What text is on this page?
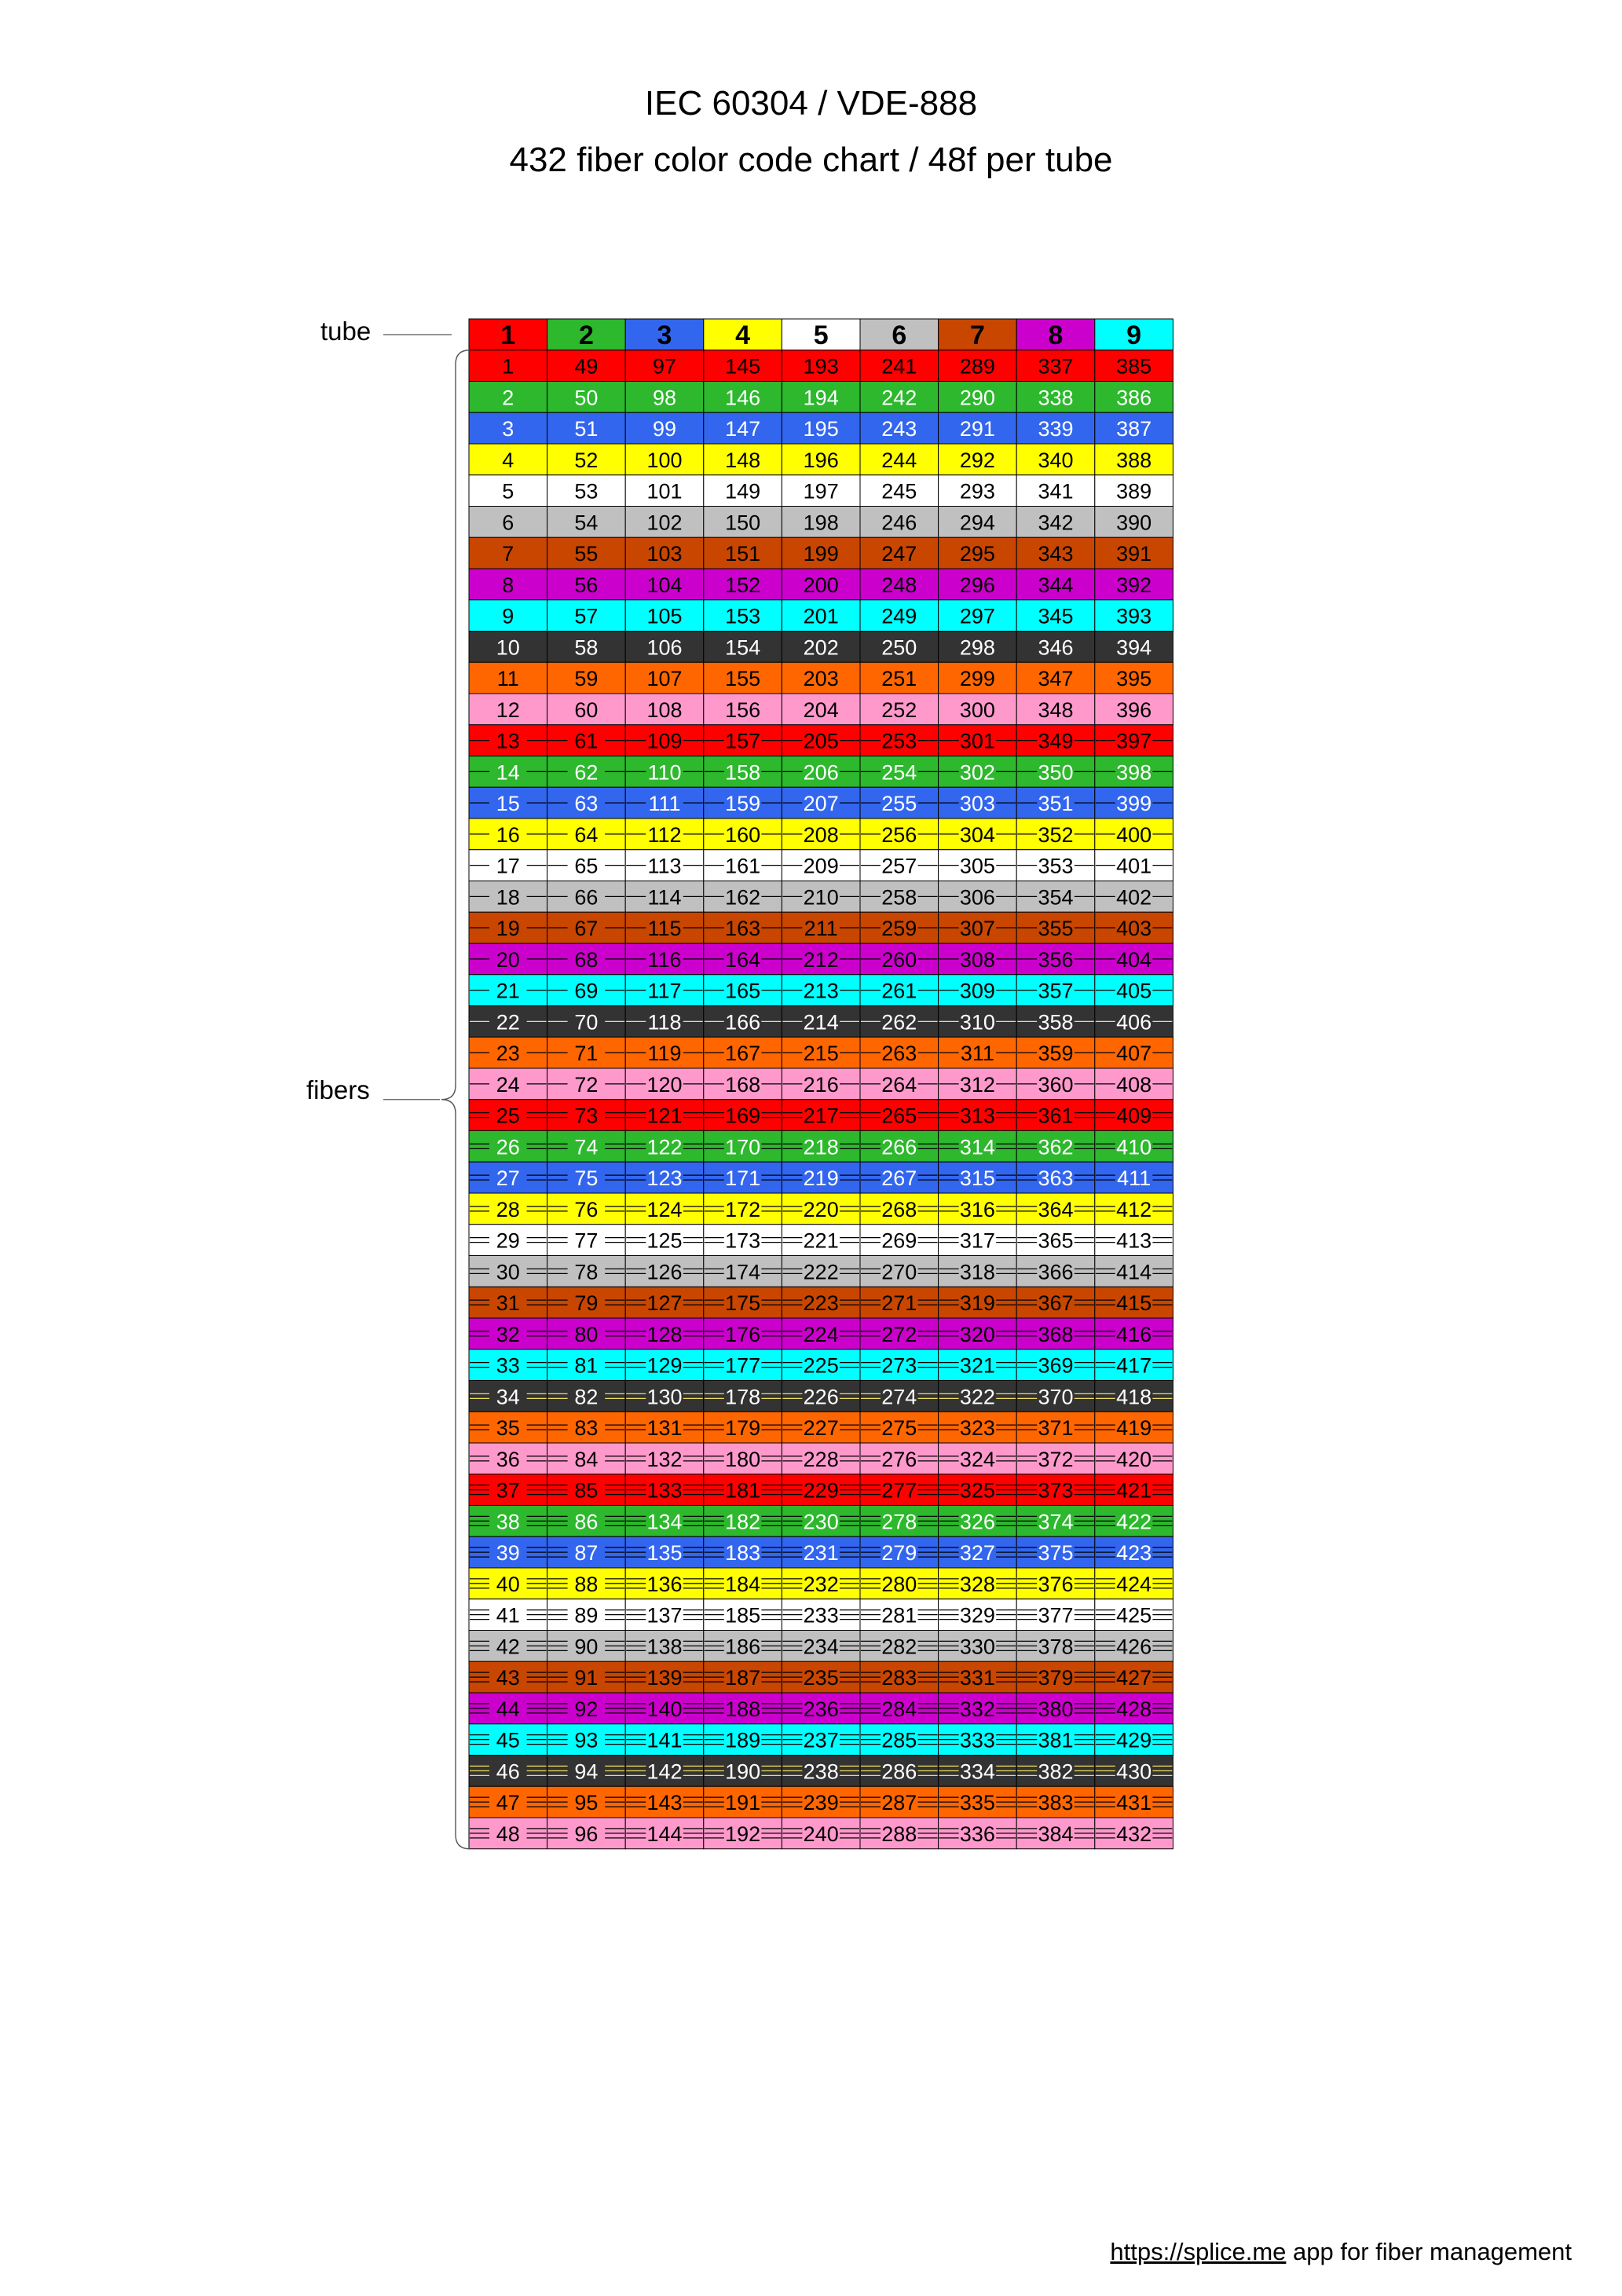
IEC 60304 / VDE-888
432 fiber color code chart / 48f per tube
tube
fibers
1 2 3 4 5 6 7 8 9
1	49	97 145 193 241 289 337 385
2	50	98 146 194 242 290 338 386
3	51	99 147 195 243 291 339 387
4	52 100 148 196 244 292 340 388
5	53 101 149 197 245 293 341 389
6	54 102 150 198 246 294 342 390
7	55 103 151 199 247 295 343 391
8	56 104 152 200 248 296 344 392
9	57 105 153 201 249 297 345 393
10	58 106 154 202 250 298 346 394
11	59 107 155 203 251 299 347 395
12	60 108 156 204 252 300 348 396
13	61 109 157 205 253 301 349 397
14	62 110 158 206 254 302 350 398
15	63 111 159 207 255 303 351 399
16	64 112 160 208 256 304 352 400
17	65 113 161 209 257 305 353 401
18	66 114 162 210 258 306 354 402
19	67 115 163 211 259 307 355 403
20	68 116 164 212 260 308 356 404
21	69 117 165 213 261 309 357 405
22	70 118 166 214 262 310 358 406
23	71 119 167 215 263 311 359 407
24	72 120 168 216 264 312 360 408
25	73 121 169 217 265 313 361 409
26	74 122 170 218 266 314 362 410
27	75 123 171 219 267 315 363 411
28	76 124 172 220 268 316 364 412
29	77 125 173 221 269 317 365 413
30	78 126 174 222 270 318 366 414
31	79 127 175 223 271 319 367 415
32	80 128 176 224 272 320 368 416
33	81 129 177 225 273 321 369 417
34	82 130 178 226 274 322 370 418
35	83 131 179 227 275 323 371 419
36	84 132 180 228 276 324 372 420
37	85 133 181 229 277 325 373 421
38	86 134 182 230 278 326 374 422
39	87 135 183 231 279 327 375 423
40	88 136 184 232 280 328 376 424
41	89 137 185 233 281 329 377 425
42	90 138 186 234 282 330 378 426
43	91 139 187 235 283 331 379 427
44	92 140 188 236 284 332 380 428
45	93 141 189 237 285 333 381 429
46	94 142 190 238 286 334 382 430
47	95 143 191 239 287 335 383 431
48	96 144 192 240 288 336 384 432
https://splice.me app for fiber management
